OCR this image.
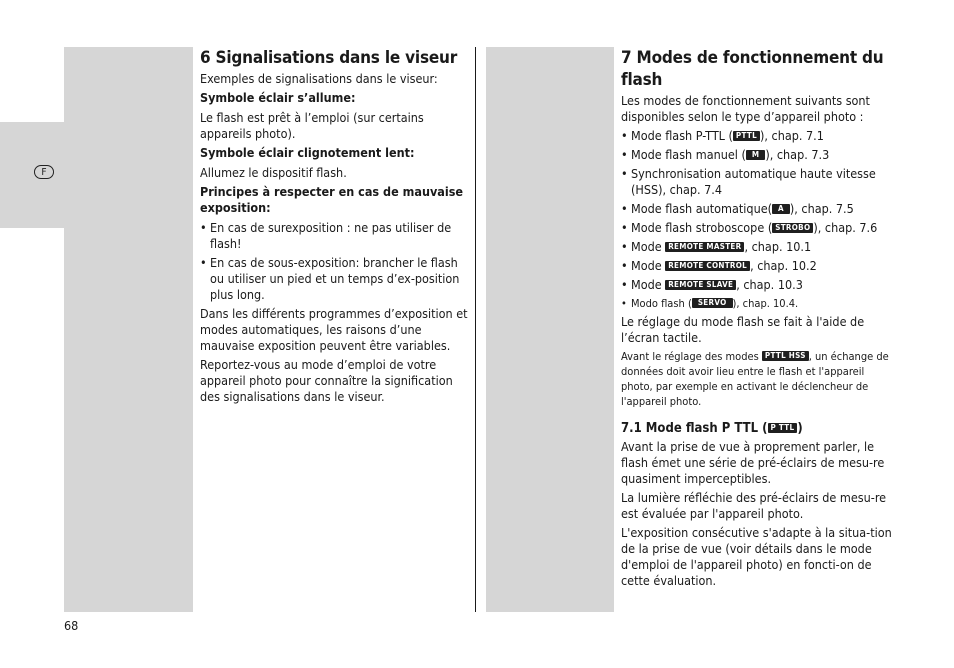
F
68
6 Signalisations dans le viseur

Exemples de signalisations dans le viseur:

Symbole éclair s’allume:

Le flash est prêt à l’emploi (sur certains appareils photo).

Symbole éclair clignotement lent:

Allumez le dispositif flash.

Principes à respecter en cas de mauvaise exposition:

• En cas de surexposition : ne pas utiliser de flash!
• En cas de sous-exposition: brancher le flash ou utiliser un pied et un temps d’ex-position plus long.

Dans les différents programmes d’exposition et modes automatiques, les raisons d’une mauvaise exposition peuvent être variables.

Reportez-vous au mode d’emploi de votre appareil photo pour connaître la signification des signalisations dans le viseur.

7 Modes de fonctionnement du flash

Les modes de fonctionnement suivants sont disponibles selon le type d’appareil photo :

• Mode flash P-TTL ( PTTL ), chap. 7.1
• Mode flash manuel ( M ), chap. 7.3
• Synchronisation automatique haute vitesse (HSS), chap. 7.4
• Mode flash automatique( A ), chap. 7.5
• Mode flash stroboscope ( STROBO ), chap. 7.6
• Mode REMOTE MASTER , chap. 10.1
• Mode REMOTE CONTROL , chap. 10.2
• Mode REMOTE SLAVE , chap. 10.3
• Modo flash ( SERVO ), chap. 10.4.

Le réglage du mode flash se fait à l'aide de l’écran tactile.

Avant le réglage des modes PTTL HSS , un échange de données doit avoir lieu entre le flash et l'appareil photo, par exemple en activant le déclencheur de l'appareil photo.

7.1 Mode flash P TTL ( P TTL )

Avant la prise de vue à proprement parler, le flash émet une série de pré-éclairs de mesu-re quasiment imperceptibles.

La lumière réfléchie des pré-éclairs de mesu-re est évaluée par l'appareil photo.

L'exposition consécutive s'adapte à la situa-tion de la prise de vue (voir détails dans le mode d'emploi de l'appareil photo) en foncti-on de cette évaluation.
